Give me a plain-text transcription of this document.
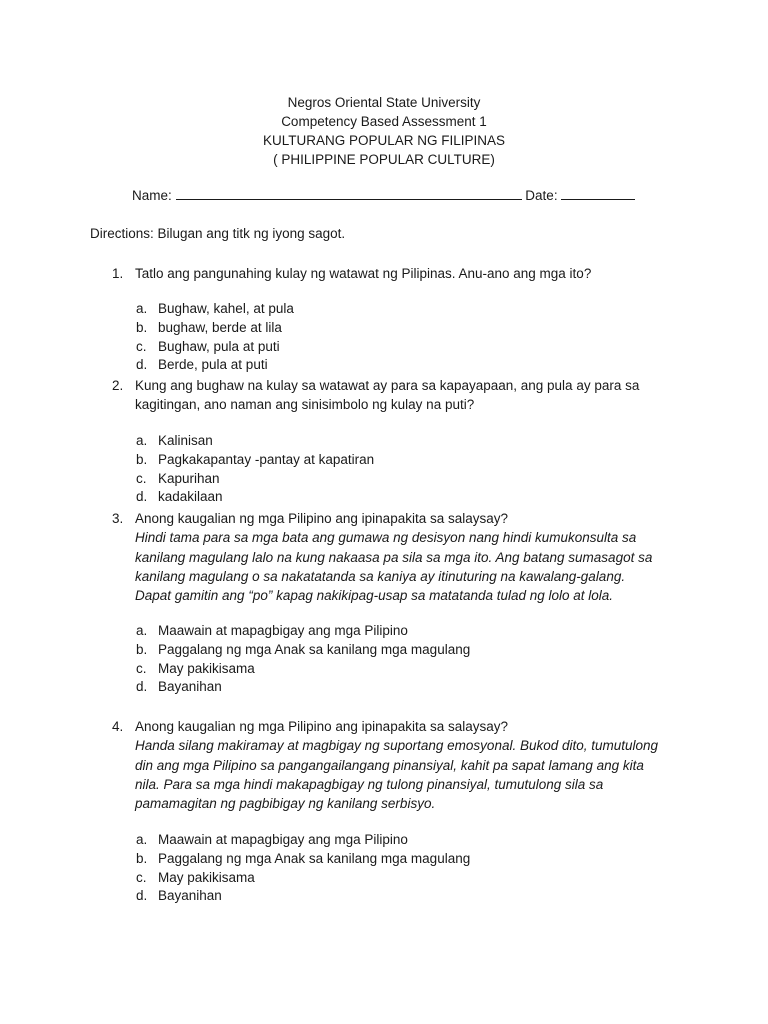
Negros Oriental State University
Competency Based Assessment 1
KULTURANG POPULAR NG FILIPINAS
( PHILIPPINE POPULAR CULTURE)
Name:	Date:
Directions: Bilugan ang titk ng iyong sagot.
1. Tatlo ang pangunahing kulay ng watawat ng Pilipinas. Anu-ano ang mga ito?
a. Bughaw, kahel, at pula
b. bughaw, berde at lila
c. Bughaw, pula at puti
d. Berde, pula at puti
2. Kung ang bughaw na kulay sa watawat ay para sa kapayapaan, ang pula ay para sa
kagitingan, ano naman ang sinisimbolo ng kulay na puti?
a. Kalinisan
b. Pagkakapantay -pantay at kapatiran
c. Kapurihan
d. kadakilaan
3. Anong kaugalian ng mga Pilipino ang ipinapakita sa salaysay?
Hindi tama para sa mga bata ang gumawa ng desisyon nang hindi kumukonsulta sa
kanilang magulang lalo na kung nakaasa pa sila sa mga ito. Ang batang sumasagot sa
kanilang magulang o sa nakatatanda sa kaniya ay itinuturing na kawalang-galang.
Dapat gamitin ang “po” kapag nakikipag-usap sa matatanda tulad ng lolo at lola.
a. Maawain at mapagbigay ang mga Pilipino
b. Paggalang ng mga Anak sa kanilang mga magulang
c. May pakikisama
d. Bayanihan
4. Anong kaugalian ng mga Pilipino ang ipinapakita sa salaysay?
Handa silang makiramay at magbigay ng suportang emosyonal. Bukod dito, tumutulong
din ang mga Pilipino sa pangangailangang pinansiyal, kahit pa sapat lamang ang kita
nila. Para sa mga hindi makapagbigay ng tulong pinansiyal, tumutulong sila sa
pamamagitan ng pagbibigay ng kanilang serbisyo.
a. Maawain at mapagbigay ang mga Pilipino
b. Paggalang ng mga Anak sa kanilang mga magulang
c. May pakikisama
d. Bayanihan
